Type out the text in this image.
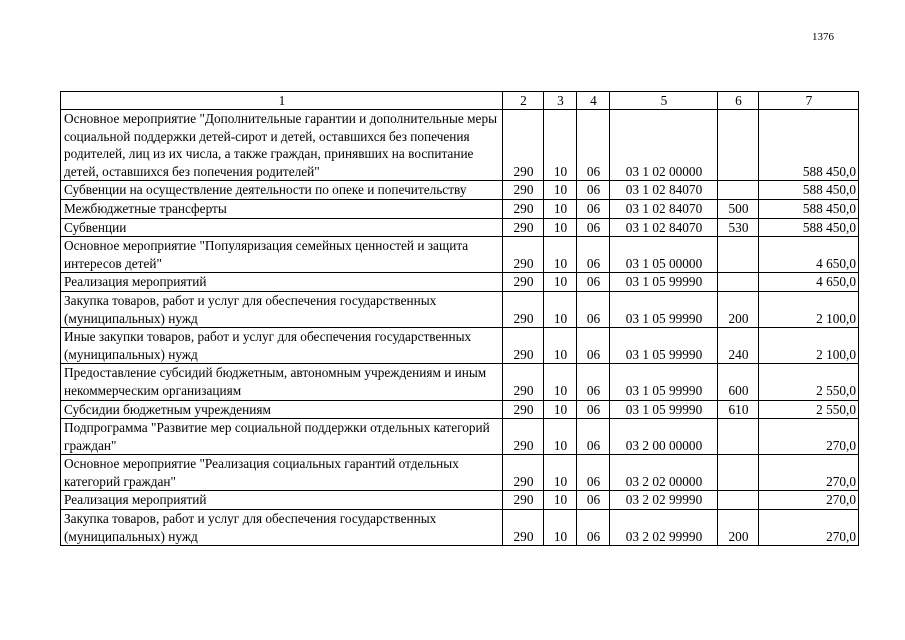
1376
1	2	3	4	5	6	7
Основное мероприятие "Дополнительные гарантии и дополнительные меры социальной поддержки детей-сирот и детей, оставшихся без попечения родителей, лиц из их числа, а также граждан, принявших на воспитание детей, оставшихся без попечения родителей"	290	10	06	03 1 02 00000		588 450,0
Субвенции на осуществление деятельности по опеке и попечительству	290	10	06	03 1 02 84070		588 450,0
Межбюджетные трансферты	290	10	06	03 1 02 84070	500	588 450,0
Субвенции	290	10	06	03 1 02 84070	530	588 450,0
Основное мероприятие "Популяризация семейных ценностей и защита интересов детей"	290	10	06	03 1 05 00000		4 650,0
Реализация мероприятий	290	10	06	03 1 05 99990		4 650,0
Закупка товаров, работ и услуг для обеспечения государственных (муниципальных) нужд	290	10	06	03 1 05 99990	200	2 100,0
Иные закупки товаров, работ и услуг для обеспечения государственных (муниципальных) нужд	290	10	06	03 1 05 99990	240	2 100,0
Предоставление субсидий бюджетным, автономным учреждениям и иным некоммерческим организациям	290	10	06	03 1 05 99990	600	2 550,0
Субсидии бюджетным учреждениям	290	10	06	03 1 05 99990	610	2 550,0
Подпрограмма "Развитие мер социальной поддержки отдельных категорий граждан"	290	10	06	03 2 00 00000		270,0
Основное мероприятие "Реализация социальных гарантий отдельных категорий граждан"	290	10	06	03 2 02 00000		270,0
Реализация мероприятий	290	10	06	03 2 02 99990		270,0
Закупка товаров, работ и услуг для обеспечения государственных (муниципальных) нужд	290	10	06	03 2 02 99990	200	270,0
